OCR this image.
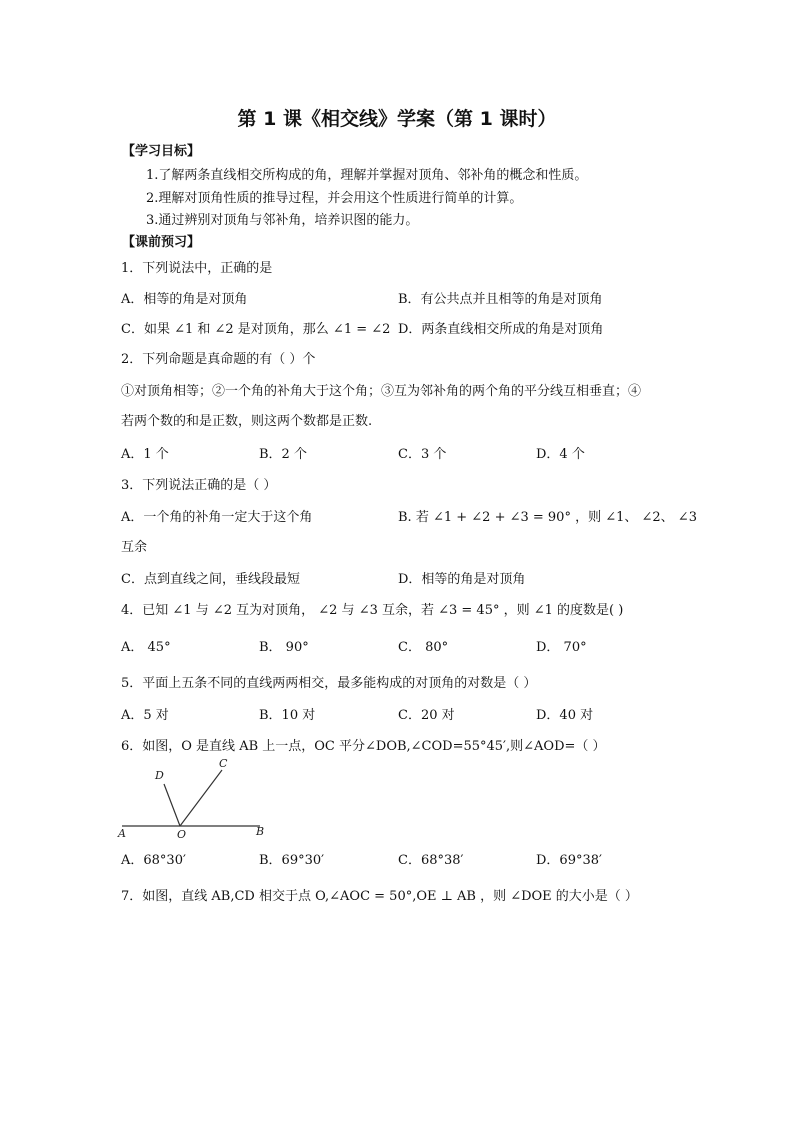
第 1 课《相交线》学案（第 1 课时）
【学习目标】
1.了解两条直线相交所构成的角，理解并掌握对顶角、邻补角的概念和性质。
2.理解对顶角性质的推导过程，并会用这个性质进行简单的计算。
3.通过辨别对顶角与邻补角，培养识图的能力。
【课前预习】
1．下列说法中，正确的是
A．相等的角是对顶角	B．有公共点并且相等的角是对顶角
C．如果 ∠1 和 ∠2 是对顶角，那么 ∠1 = ∠2 D．两条直线相交所成的角是对顶角
2．下列命题是真命题的有（ ）个
①对顶角相等；②一个角的补角大于这个角；③互为邻补角的两个角的平分线互相垂直；④
若两个数的和是正数，则这两个数都是正数.
A．1 个	B．2 个	C．3 个	D．4 个
3．下列说法正确的是（ ）
A．一个角的补角一定大于这个角	B. 若 ∠1 + ∠2 + ∠3 = 90° ，则 ∠1、 ∠2、 ∠3
互余
C．点到直线之间，垂线段最短	D．相等的角是对顶角
4．已知 ∠1 与 ∠2 互为对顶角， ∠2 与 ∠3 互余，若 ∠3 = 45° ，则 ∠1 的度数是( )
A． 45°	B． 90°	C． 80°	D． 70°
5．平面上五条不同的直线两两相交，最多能构成的对顶角的对数是（ ）
A．5 对	B．10 对	C．20 对	D．40 对
6．如图，O 是直线 AB 上一点，OC 平分∠DOB,∠COD=55°45′,则∠AOD=（ ）
A	O	B
C
D
A．68°30′	B．69°30′	C．68°38′	D．69°38′
7．如图，直线 AB,CD 相交于点 O,∠AOC = 50°,OE ⊥ AB ，则 ∠DOE 的大小是（ ）
